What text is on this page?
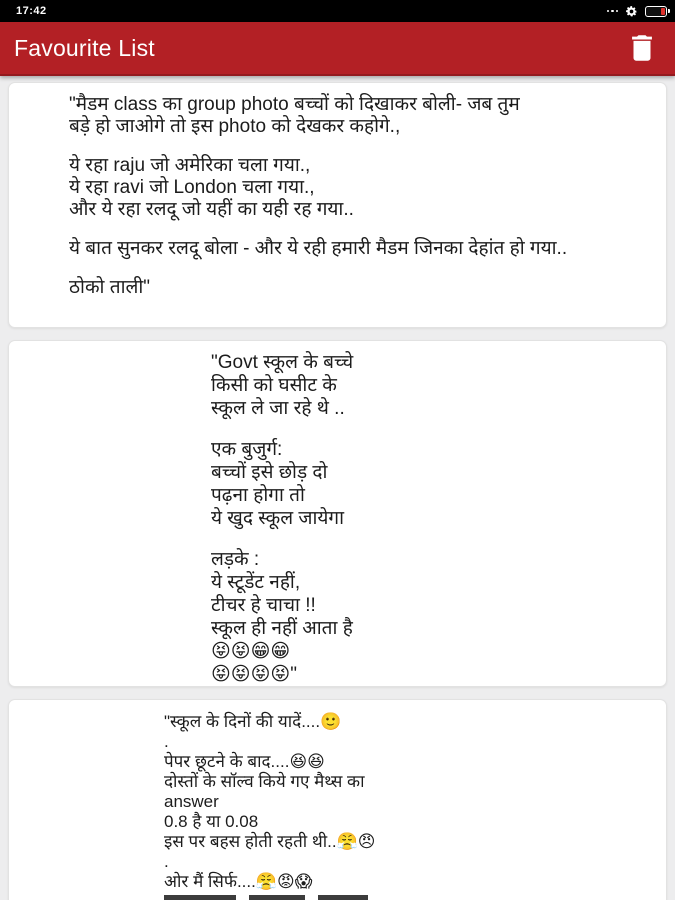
17:42
Favourite List
"मैडम class का group photo बच्चों को दिखाकर बोली- जब तुम
बड़े हो जाओगे तो इस photo को देखकर कहोगे.,
ये रहा raju जो अमेरिका चला गया.,
ये रहा ravi जो London चला गया.,
और ये रहा रलदू जो यहीं का यही रह गया..
ये बात सुनकर रलदू बोला - और ये रही हमारी मैडम जिनका देहांत हो गया..
ठोको ताली"
"Govt स्कूल के बच्चे
किसी को घसीट के
स्कूल ले जा रहे थे ..
एक बुजुर्ग:
बच्चों इसे छोड़ दो
पढ़ना होगा तो
ये खुद स्कूल जायेगा
लड़के :
ये स्टूडेंट नहीं,
टीचर हे चाचा !!
स्कूल ही नहीं आता है
😝😝😁😁
😝😝😝😝"
"स्कूल के दिनों की यादें....🙂
.
पेपर छूटने के बाद....😆😆
दोस्तों के सॉल्व किये गए मैथ्स का
answer
0.8 है या 0.08
इस पर बहस होती रहती थी..😤😠
.
ओर मैं सिर्फ....😤😡😱
